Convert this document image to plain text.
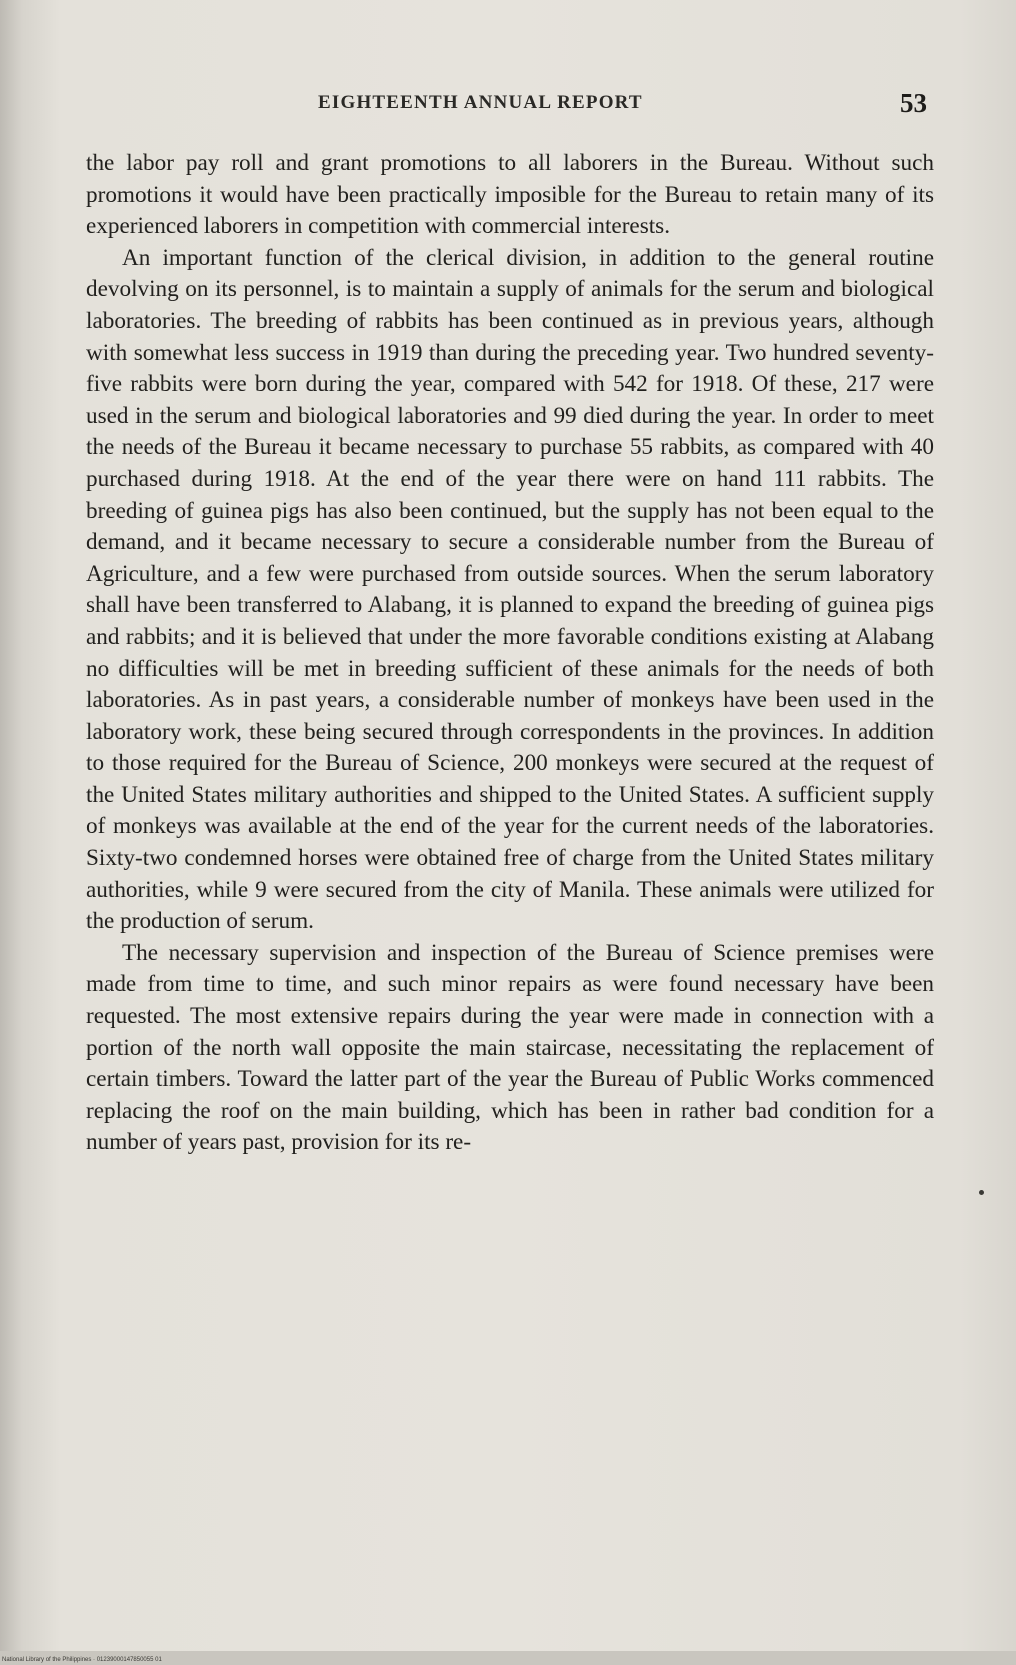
EIGHTEENTH ANNUAL REPORT	53

the labor pay roll and grant promotions to all laborers in the Bureau. Without such promotions it would have been practically imposible for the Bureau to retain many of its experienced laborers in competition with commercial interests.

An important function of the clerical division, in addition to the general routine devolving on its personnel, is to maintain a supply of animals for the serum and biological laboratories. The breeding of rabbits has been continued as in previous years, although with somewhat less success in 1919 than during the preceding year. Two hundred seventy-five rabbits were born during the year, compared with 542 for 1918. Of these, 217 were used in the serum and biological laboratories and 99 died during the year. In order to meet the needs of the Bureau it became necessary to purchase 55 rabbits, as compared with 40 purchased during 1918. At the end of the year there were on hand 111 rabbits. The breeding of guinea pigs has also been continued, but the supply has not been equal to the demand, and it became necessary to secure a considerable number from the Bureau of Agriculture, and a few were purchased from outside sources. When the serum laboratory shall have been transferred to Alabang, it is planned to expand the breeding of guinea pigs and rabbits; and it is believed that under the more favorable conditions existing at Alabang no difficulties will be met in breeding sufficient of these animals for the needs of both laboratories. As in past years, a considerable number of monkeys have been used in the laboratory work, these being secured through correspondents in the provinces. In addition to those required for the Bureau of Science, 200 monkeys were secured at the request of the United States military authorities and shipped to the United States. A sufficient supply of monkeys was available at the end of the year for the current needs of the laboratories. Sixty-two condemned horses were obtained free of charge from the United States military authorities, while 9 were secured from the city of Manila. These animals were utilized for the production of serum.

The necessary supervision and inspection of the Bureau of Science premises were made from time to time, and such minor repairs as were found necessary have been requested. The most extensive repairs during the year were made in connection with a portion of the north wall opposite the main staircase, necessitating the replacement of certain timbers. Toward the latter part of the year the Bureau of Public Works commenced replacing the roof on the main building, which has been in rather bad condition for a number of years past, provision for its re-

National Library of the Philippines · 01239000147850055 01
